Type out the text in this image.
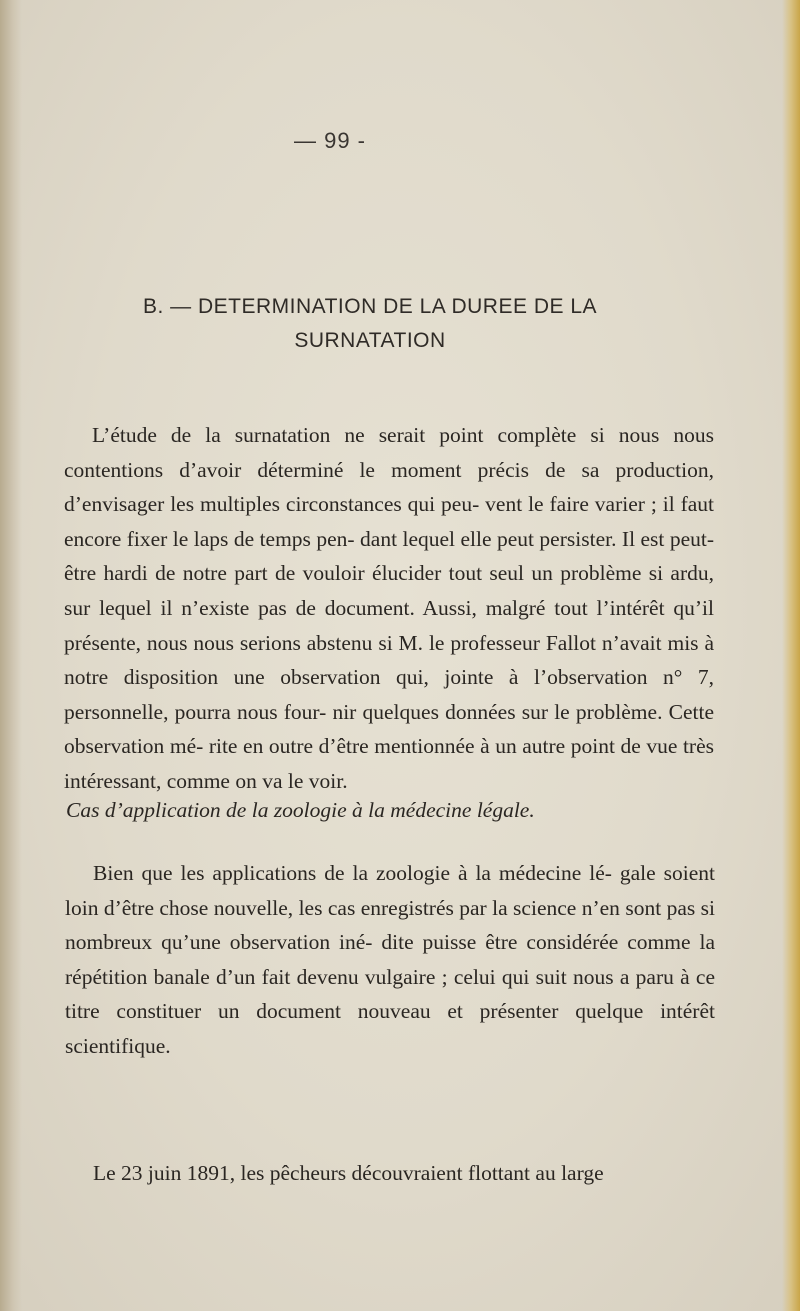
— 99 -
B. — DETERMINATION DE LA DUREE DE LA
SURNATATION

L’étude de la surnatation ne serait point complète si nous nous contentions d’avoir déterminé le moment précis de sa production, d’envisager les multiples circonstances qui peu- vent le faire varier ; il faut encore fixer le laps de temps pen- dant lequel elle peut persister. Il est peut-être hardi de notre part de vouloir élucider tout seul un problème si ardu, sur lequel il n’existe pas de document. Aussi, malgré tout l’intérêt qu’il présente, nous nous serions abstenu si M. le professeur Fallot n’avait mis à notre disposition une observation qui, jointe à l’observation n° 7, personnelle, pourra nous four- nir quelques données sur le problème. Cette observation mé- rite en outre d’être mentionnée à un autre point de vue très intéressant, comme on va le voir.

Cas d’application de la zoologie à la médecine légale.

Bien que les applications de la zoologie à la médecine lé- gale soient loin d’être chose nouvelle, les cas enregistrés par la science n’en sont pas si nombreux qu’une observation iné- dite puisse être considérée comme la répétition banale d’un fait devenu vulgaire ; celui qui suit nous a paru à ce titre constituer un document nouveau et présenter quelque intérêt scientifique.

Le 23 juin 1891, les pêcheurs découvraient flottant au large
